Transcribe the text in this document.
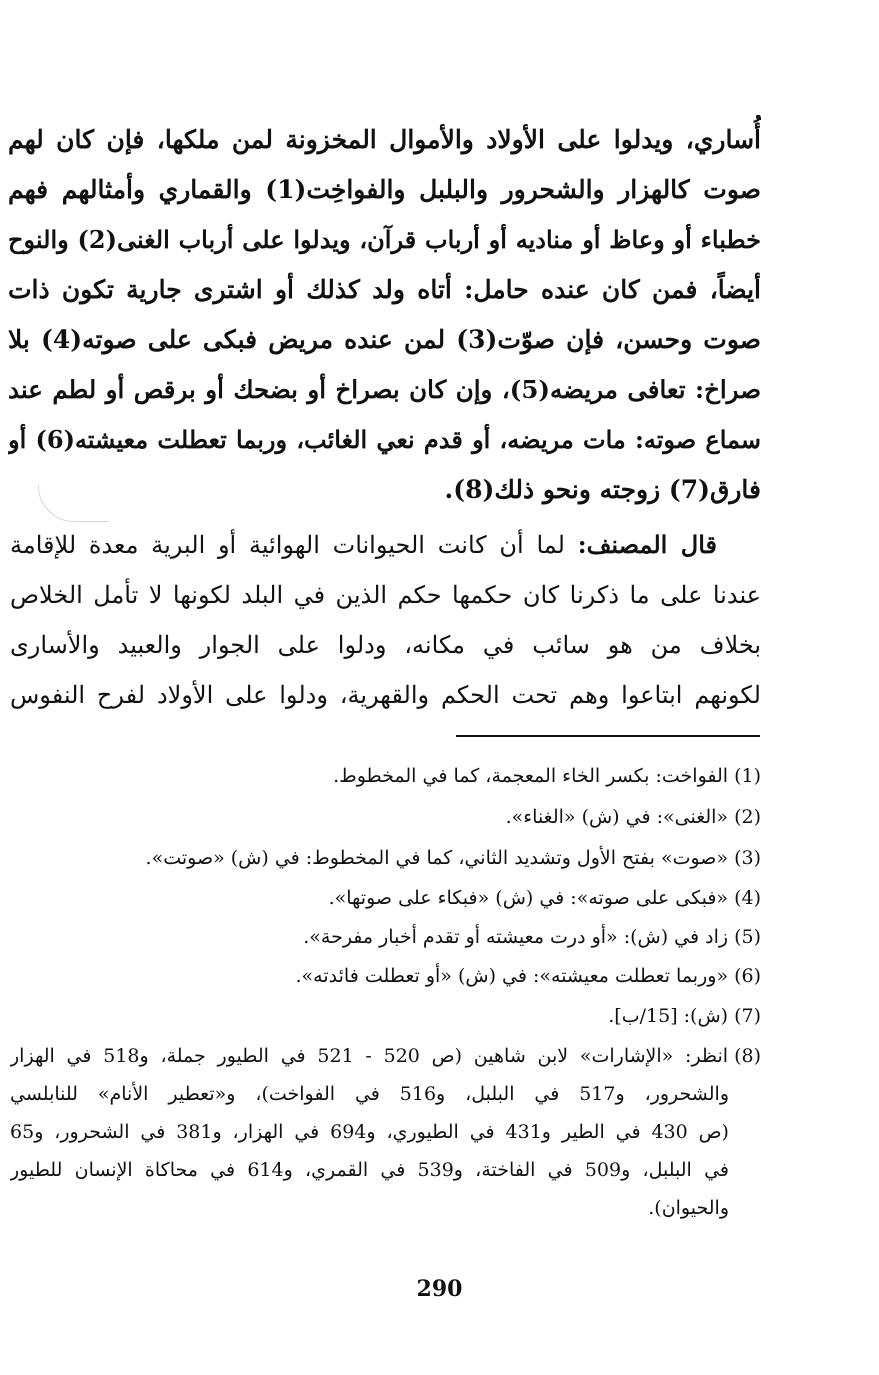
أُساري، ويدلوا على الأولاد والأموال المخزونة لمن ملكها، فإن كان لهم
صوت كالهزار والشحرور والبلبل والفواخِت(1) والقماري وأمثالهم فهم
خطباء أو وعاظ أو مناديه أو أرباب قرآن، ويدلوا على أرباب الغنى(2) والنوح
أيضاً، فمن كان عنده حامل: أتاه ولد كذلك أو اشترى جارية تكون ذات
صوت وحسن، فإن صوّت(3) لمن عنده مريض فبكى على صوته(4) بلا
صراخ: تعافى مريضه(5)، وإن كان بصراخ أو بضحك أو برقص أو لطم عند
سماع صوته: مات مريضه، أو قدم نعي الغائب، وربما تعطلت معيشته(6) أو
فارق(7) زوجته ونحو ذلك(8).
قال المصنف: لما أن كانت الحيوانات الهوائية أو البرية معدة للإقامة
عندنا على ما ذكرنا كان حكمها حكم الذين في البلد لكونها لا تأمل الخلاص
بخلاف من هو سائب في مكانه، ودلوا على الجوار والعبيد والأسارى
لكونهم ابتاعوا وهم تحت الحكم والقهرية، ودلوا على الأولاد لفرح النفوس
(1)الفواخت: بكسر الخاء المعجمة، كما في المخطوط.
(2)«الغنى»: في (ش) «الغناء».
(3)«صوت» بفتح الأول وتشديد الثاني، كما في المخطوط: في (ش) «صوتت».
(4)«فبكى على صوته»: في (ش) «فبكاء على صوتها».
(5)زاد في (ش): «أو درت معيشته أو تقدم أخبار مفرحة».
(6)«وربما تعطلت معيشته»: في (ش) «أو تعطلت فائدته».
(7)(ش): [15/ب].
(8)انظر: «الإشارات» لابن شاهين (ص 520 - 521 في الطيور جملة، و518 في الهزار
والشحرور، و517 في البلبل، و516 في الفواخت)، و«تعطير الأنام» للنابلسي
(ص 430 في الطير و431 في الطيوري، و694 في الهزار، و381 في الشحرور، و65
في البلبل، و509 في الفاختة، و539 في القمري، و614 في محاكاة الإنسان للطيور
والحيوان).
290
